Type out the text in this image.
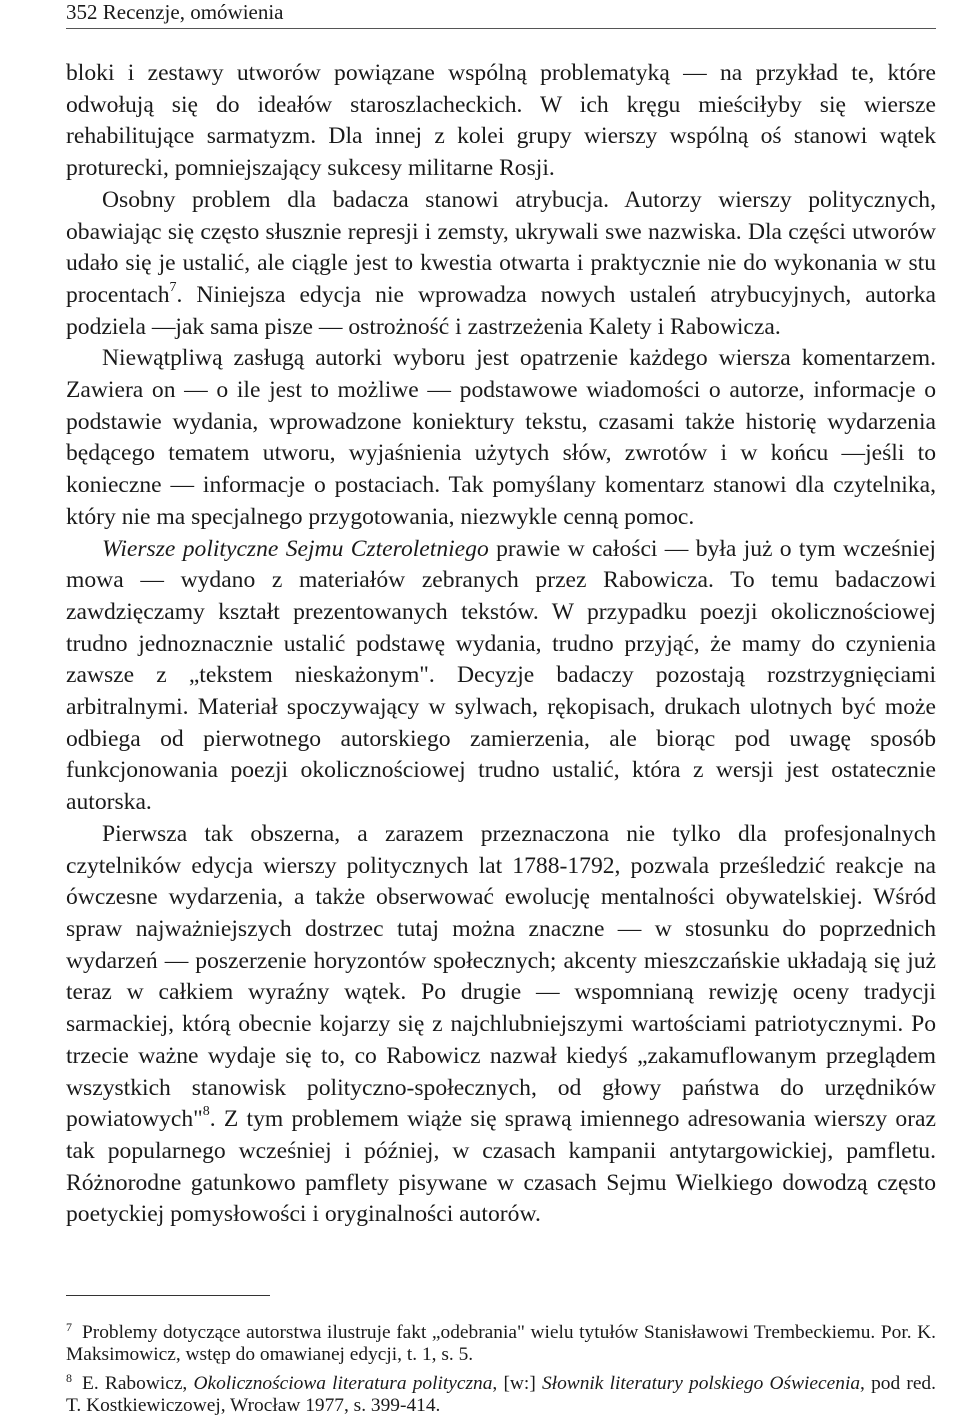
352 Recenzje, omówienia

bloki i zestawy utworów powiązane wspólną problematyką — na przykład te, które odwołują się do ideałów staroszlacheckich. W ich kręgu mieściłyby się wiersze rehabilitujące sarmatyzm. Dla innej z kolei grupy wierszy wspólną oś stanowi wątek proturecki, pomniejszający sukcesy militarne Rosji.

Osobny problem dla badacza stanowi atrybucja. Autorzy wierszy politycznych, obawiając się często słusznie represji i zemsty, ukrywali swe nazwiska. Dla części utworów udało się je ustalić, ale ciągle jest to kwestia otwarta i praktycznie nie do wykonania w stu procentach$^7$. Niniejsza edycja nie wprowadza nowych ustaleń atrybucyjnych, autorka podziela —jak sama pisze — ostrożność i zastrzeżenia Kalety i Rabowicza.

Niewątpliwą zasługą autorki wyboru jest opatrzenie każdego wiersza komentarzem. Zawiera on — o ile jest to możliwe — podstawowe wiadomości o autorze, informacje o podstawie wydania, wprowadzone koniektury tekstu, czasami także historię wydarzenia będącego tematem utworu, wyjaśnienia użytych słów, zwrotów i w końcu —jeśli to konieczne — informacje o postaciach. Tak pomyślany komentarz stanowi dla czytelnika, który nie ma specjalnego przygotowania, niezwykle cenną pomoc.

Wiersze polityczne Sejmu Czteroletniego prawie w całości — była już o tym wcześniej mowa — wydano z materiałów zebranych przez Rabowicza. To temu badaczowi zawdzięczamy kształt prezentowanych tekstów. W przypadku poezji okolicznościowej trudno jednoznacznie ustalić podstawę wydania, trudno przyjąć, że mamy do czynienia zawsze z „tekstem nieskażonym". Decyzje badaczy pozostają rozstrzygnięciami arbitralnymi. Materiał spoczywający w sylwach, rękopisach, drukach ulotnych być może odbiega od pierwotnego autorskiego zamierzenia, ale biorąc pod uwagę sposób funkcjonowania poezji okolicznościowej trudno ustalić, która z wersji jest ostatecznie autorska.

Pierwsza tak obszerna, a zarazem przeznaczona nie tylko dla profesjonalnych czytelników edycja wierszy politycznych lat 1788-1792, pozwala prześledzić reakcje na ówczesne wydarzenia, a także obserwować ewolucję mentalności obywatelskiej. Wśród spraw najważniejszych dostrzec tutaj można znaczne — w stosunku do poprzednich wydarzeń — poszerzenie horyzontów społecznych; akcenty mieszczańskie układają się już teraz w całkiem wyraźny wątek. Po drugie — wspomnianą rewizję oceny tradycji sarmackiej, którą obecnie kojarzy się z najchlubniejszymi wartościami patriotycznymi. Po trzecie ważne wydaje się to, co Rabowicz nazwał kiedyś „zakamuflowanym przeglądem wszystkich stanowisk polityczno-społecznych, od głowy państwa do urzędników powiatowych"$^8$. Z tym problemem wiąże się sprawą imiennego adresowania wierszy oraz tak popularnego wcześniej i później, w czasach kampanii antytargowickiej, pamfletu. Różnorodne gatunkowo pamflety pisywane w czasach Sejmu Wielkiego dowodzą często poetyckiej pomysłowości i oryginalności autorów.

$^7$ Problemy dotyczące autorstwa ilustruje fakt „odebrania" wielu tytułów Stanisławowi Trembeckiemu. Por. K. Maksimowicz, wstęp do omawianej edycji, t. 1, s. 5.

$^8$ E. Rabowicz, Okolicznościowa literatura polityczna, [w:] Słownik literatury polskiego Oświecenia, pod red. T. Kostkiewiczowej, Wrocław 1977, s. 399-414.
